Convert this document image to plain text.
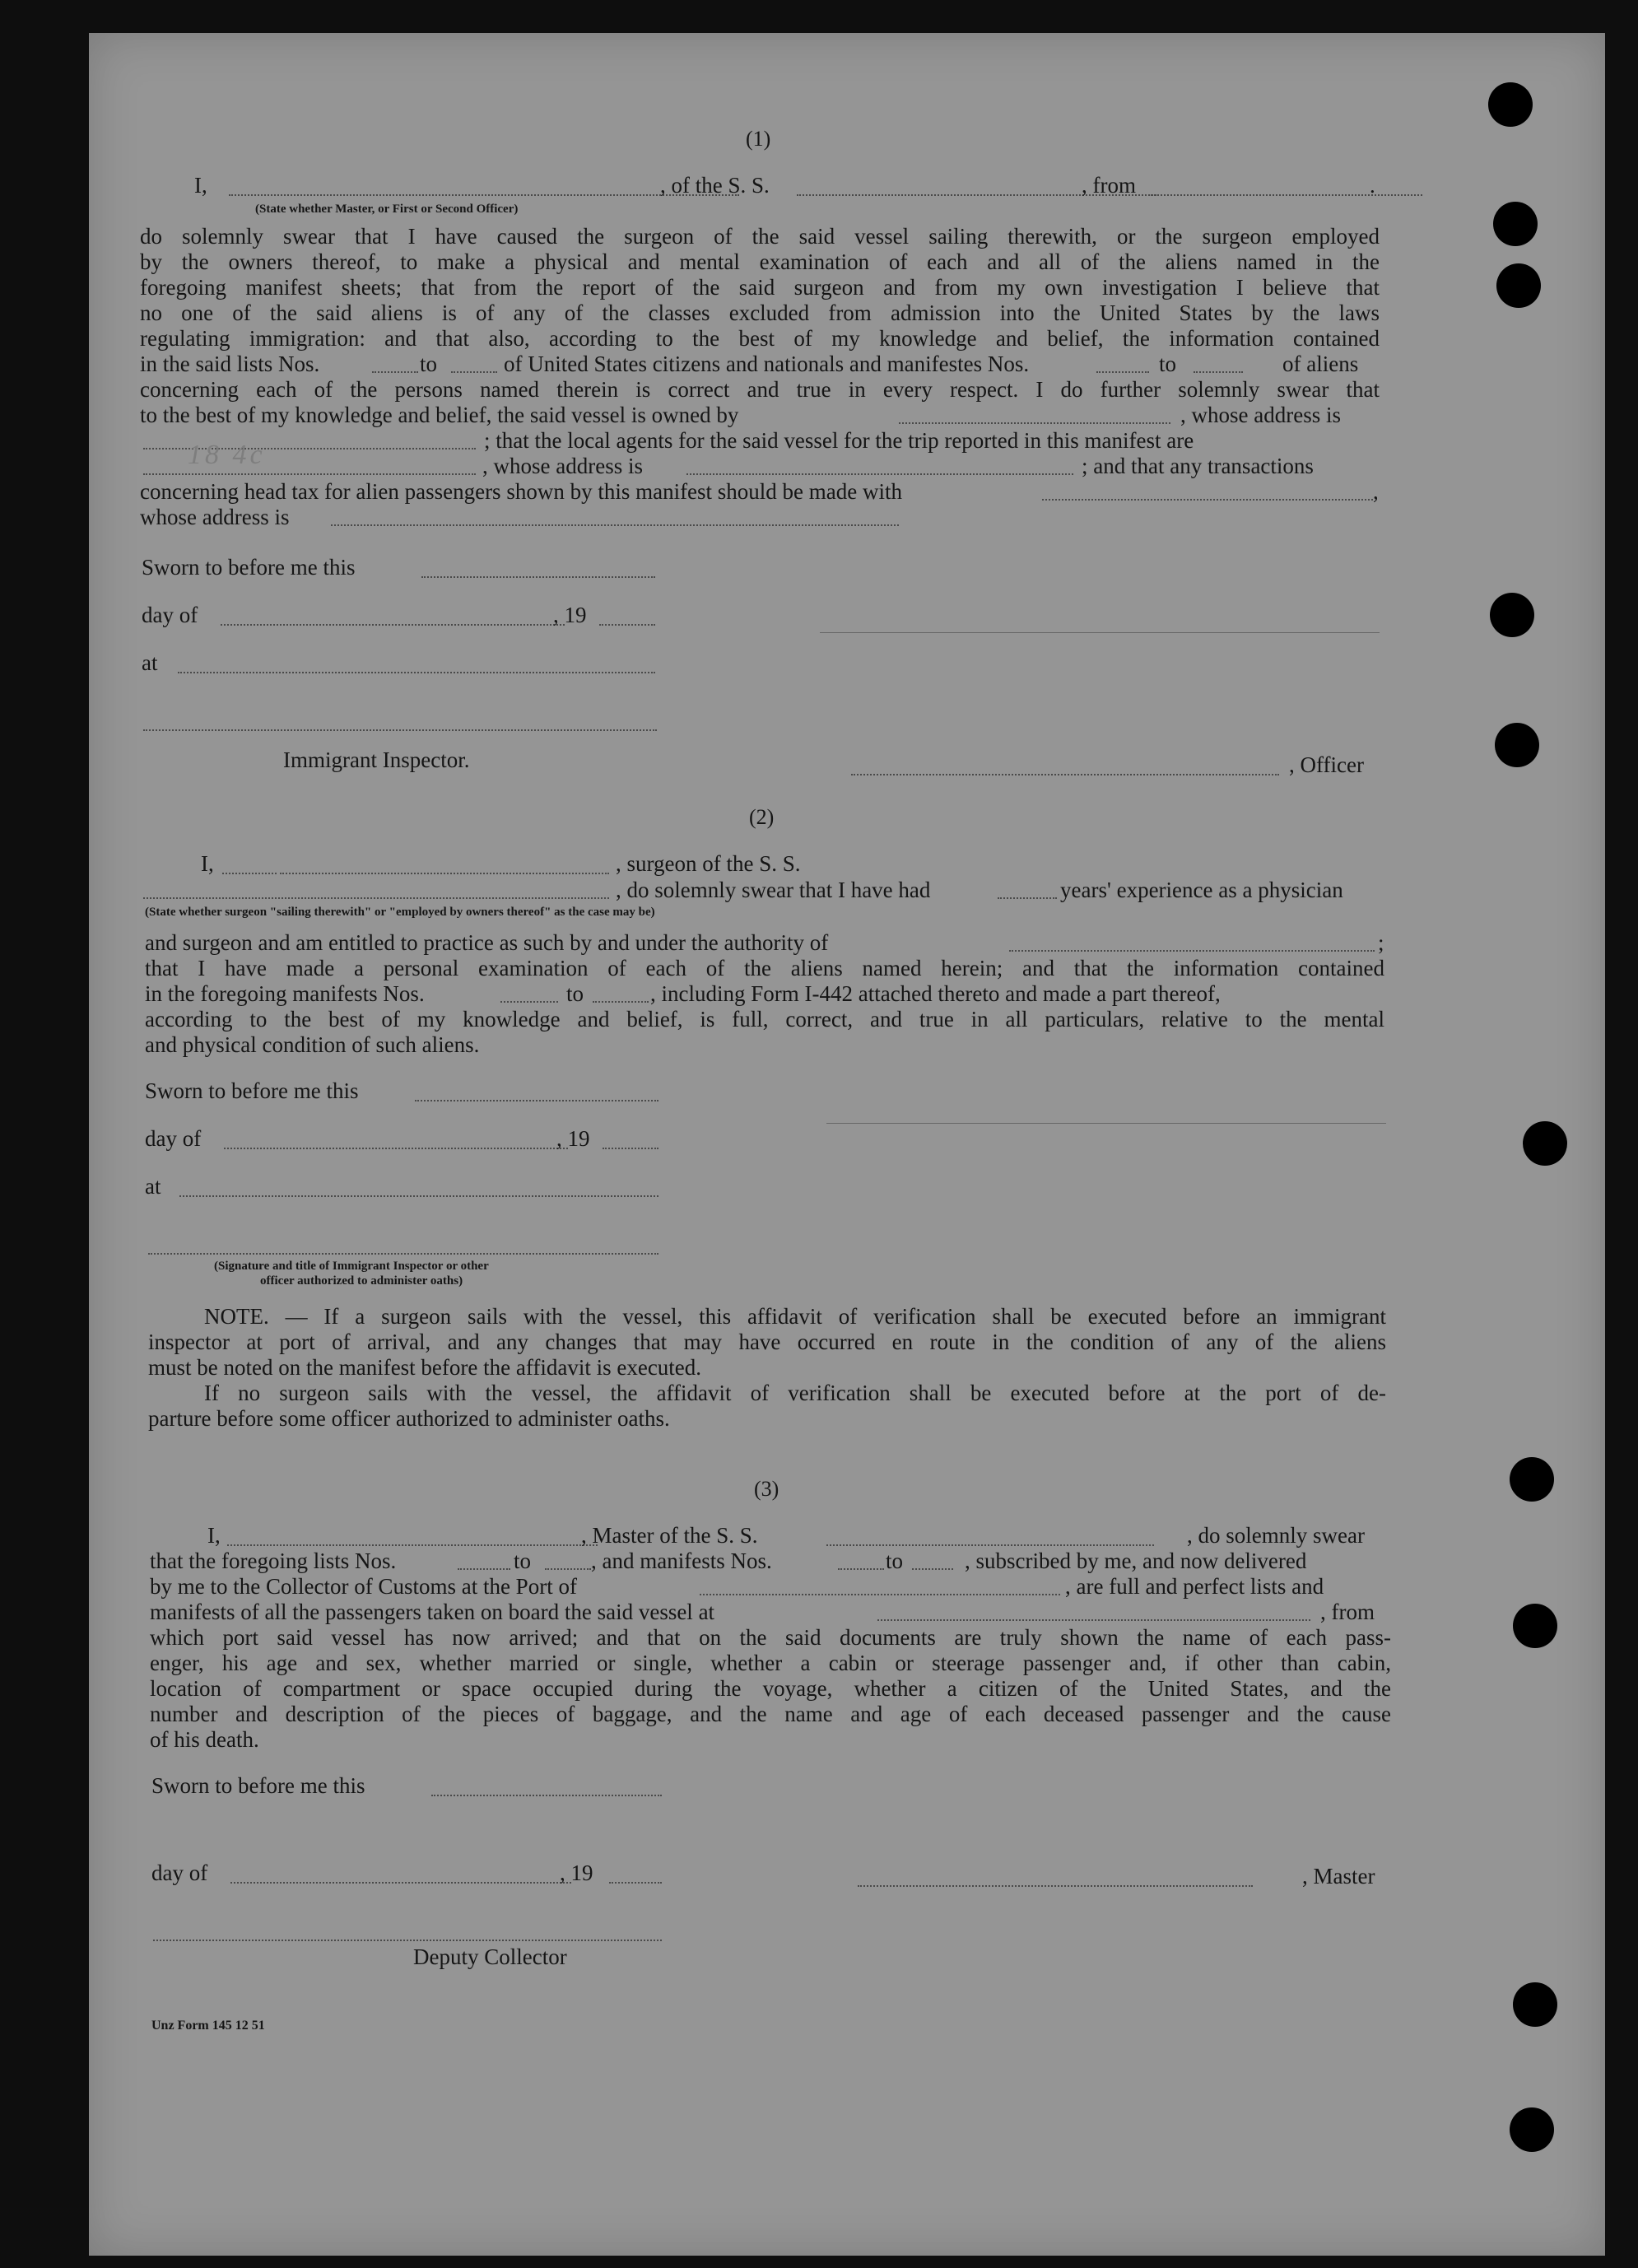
(1)
I,	, of the S. S.	, from	.
(State whether Master, or First or Second Officer)
do solemnly swear that I have caused the surgeon of the said vessel sailing therewith, or the surgeon employed
by the owners thereof, to make a physical and mental examination of each and all of the aliens named in the
foregoing manifest sheets; that from the report of the said surgeon and from my own investigation I believe that
no one of the said aliens is of any of the classes excluded from admission into the United States by the laws
regulating immigration: and that also, according to the best of my knowledge and belief, the information contained
in the said lists Nos.	to	of United States citizens and nationals and manifestes Nos.	to	of aliens
concerning each of the persons named therein is correct and true in every respect. I do further solemnly swear that
to the best of my knowledge and belief, the said vessel is owned by	, whose address is
; that the local agents for the said vessel for the trip reported in this manifest are
, whose address is	; and that any transactions
concerning head tax for alien passengers shown by this manifest should be made with	,
whose address is
18 4c
Sworn to before me this
day of	, 19
at
Immigrant Inspector.	, Officer
(2)
I,	, surgeon of the S. S.
, do solemnly swear that I have had	years' experience as a physician
(State whether surgeon "sailing therewith" or "employed by owners thereof" as the case may be)
and surgeon and am entitled to practice as such by and under the authority of	;
that I have made a personal examination of each of the aliens named herein; and that the information contained
in the foregoing manifests Nos.	to	, including Form I-442 attached thereto and made a part thereof,
according to the best of my knowledge and belief, is full, correct, and true in all particulars, relative to the mental
and physical condition of such aliens.
Sworn to before me this
day of	, 19
at
(Signature and title of Immigrant Inspector or other
officer authorized to administer oaths)
NOTE. — If a surgeon sails with the vessel, this affidavit of verification shall be executed before an immigrant
inspector at port of arrival, and any changes that may have occurred en route in the condition of any of the aliens
must be noted on the manifest before the affidavit is executed.
If no surgeon sails with the vessel, the affidavit of verification shall be executed before at the port of de-
parture before some officer authorized to administer oaths.
(3)
I,	, Master of the S. S.	, do solemnly swear
that the foregoing lists Nos.	to	, and manifests Nos.	to	, subscribed by me, and now delivered
by me to the Collector of Customs at the Port of	, are full and perfect lists and
manifests of all the passengers taken on board the said vessel at	, from
which port said vessel has now arrived; and that on the said documents are truly shown the name of each pass-
enger, his age and sex, whether married or single, whether a cabin or steerage passenger and, if other than cabin,
location of compartment or space occupied during the voyage, whether a citizen of the United States, and the
number and description of the pieces of baggage, and the name and age of each deceased passenger and the cause
of his death.
Sworn to before me this
day of	, 19	, Master
Deputy Collector
Unz Form 145 12 51
